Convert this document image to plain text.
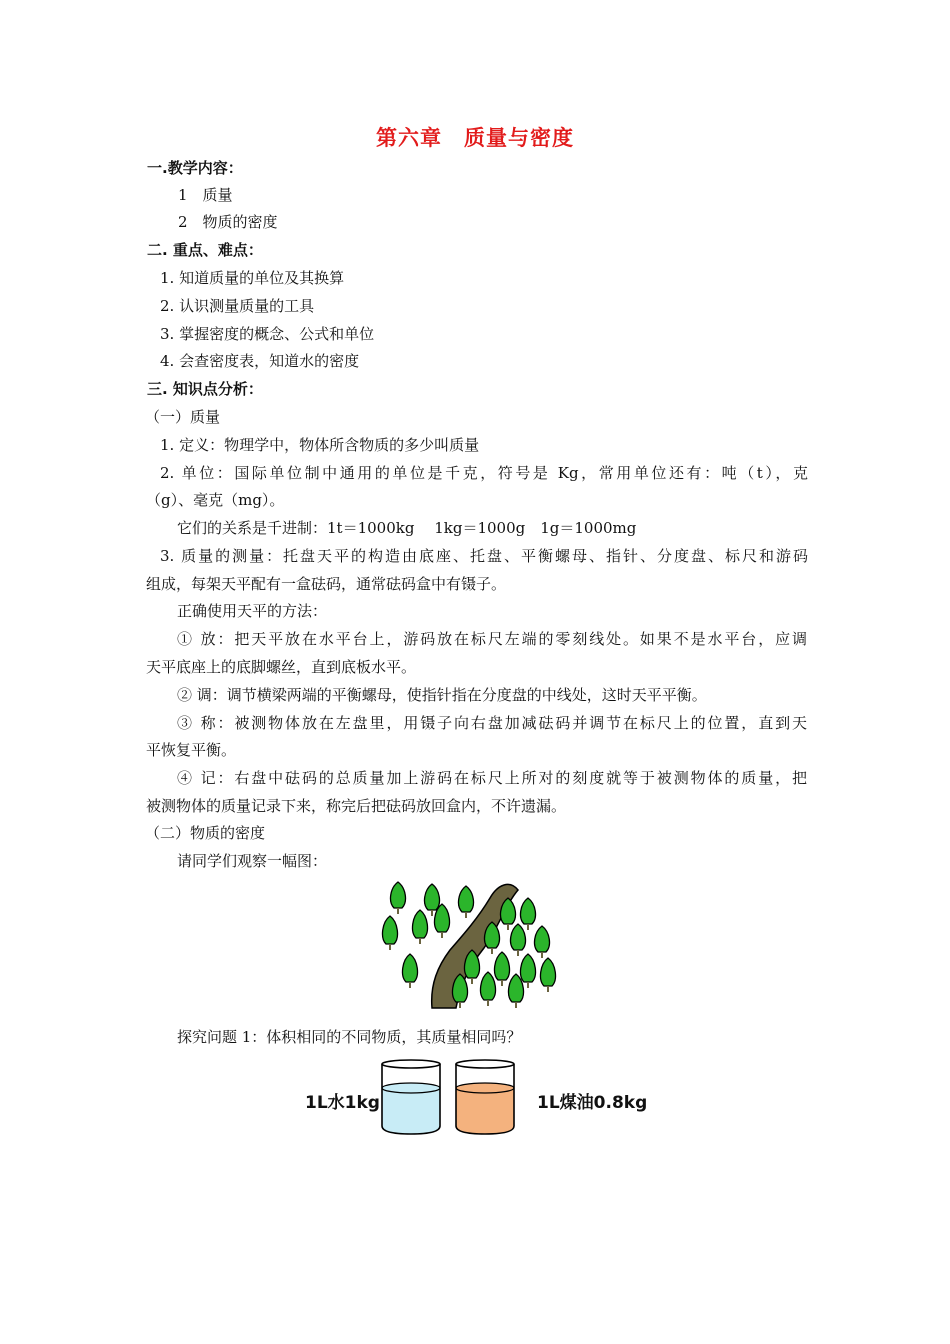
第六章　质量与密度
一.教学内容：
1　质量
2　物质的密度
二. 重点、难点：
1. 知道质量的单位及其换算
2. 认识测量质量的工具
3. 掌握密度的概念、公式和单位
4. 会查密度表，知道水的密度
三. 知识点分析：
（一）质量
1. 定义：物理学中，物体所含物质的多少叫质量
2. 单位：国际单位制中通用的单位是千克，符号是 Kg，常用单位还有：吨（t），克
（g）、毫克（mg）。
它们的关系是千进制：1t＝1000kg　 1kg＝1000g　1g＝1000mg
3. 质量的测量：托盘天平的构造由底座、托盘、平衡螺母、指针、分度盘、标尺和游码
组成，每架天平配有一盒砝码，通常砝码盒中有镊子。
正确使用天平的方法：
① 放：把天平放在水平台上，游码放在标尺左端的零刻线处。如果不是水平台，应调
天平底座上的底脚螺丝，直到底板水平。
② 调：调节横梁两端的平衡螺母，使指针指在分度盘的中线处，这时天平平衡。
③ 称：被测物体放在左盘里，用镊子向右盘加减砝码并调节在标尺上的位置，直到天
平恢复平衡。
④ 记：右盘中砝码的总质量加上游码在标尺上所对的刻度就等于被测物体的质量，把
被测物体的质量记录下来，称完后把砝码放回盒内，不许遗漏。
（二）物质的密度
请同学们观察一幅图：
探究问题 1：体积相同的不同物质，其质量相同吗？
1L水1kg	1L煤油0.8kg
